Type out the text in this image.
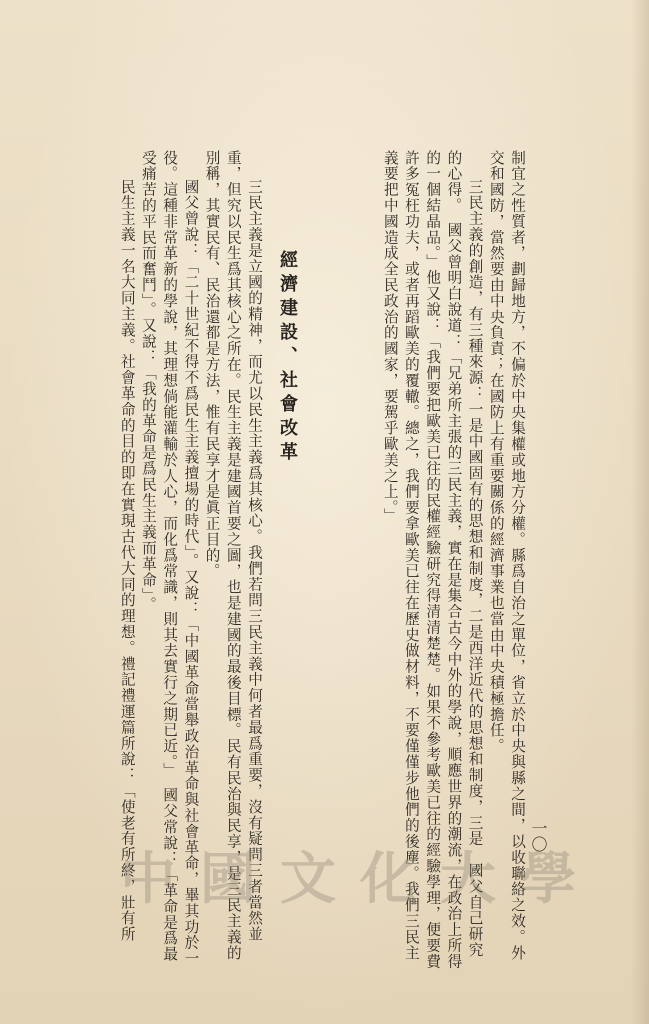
一〇

制宜之性質者，劃歸地方，不偏於中央集權或地方分權。縣爲自治之單位，省立於中央與縣之間，以收聯絡之效。外交和國防，當然要由中央負責；在國防上有重要關係的經濟事業也當由中央積極擔任。

三民主義的創造，有三種來源：一是中國固有的思想和制度，二是西洋近代的思想和制度，三是　國父自己研究的心得。　國父曾明白說道：「兄弟所主張的三民主義，實在是集合古今中外的學說，順應世界的潮流，在政治上所得的一個結晶品。」他又說：「我們要把歐美已往的民權經驗研究得清清楚楚。如果不參考歐美已往的經驗學理，便要費許多冤枉功夫，或者再蹈歐美的覆轍。總之，我們要拿歐美已往在歷史做材料，不要僅僅步他們的後塵。我們三民主義要把中國造成全民政治的國家，要駕乎歐美之上。」

經濟建設、社會改革

三民主義是立國的精神，而尤以民生主義爲其核心。我們若問三民主義中何者最爲重要，沒有疑問三者當然並重，但究以民生爲其核心之所在。民生主義是建國首要之圖，也是建國的最後目標。民有民治與民享，是三民主義的別稱，其實民有、民治還都是方法，惟有民享才是眞正目的。

國父曾說：「二十世紀不得不爲民生主義擅場的時代」。又說：「中國革命當舉政治革命與社會革命，畢其功於一役。這種非常革新的學說，其理想倘能灌輸於人心，而化爲常識，則其去實行之期已近。」　國父常說：「革命是爲最受痛苦的平民而奮鬥」。又說：「我的革命是爲民生主義而革命」。

民生主義一名大同主義。社會革命的目的即在實現古代大同的理想。禮記禮運篇所說：「使老有所終，壯有所

中 國 文 化 大 學
